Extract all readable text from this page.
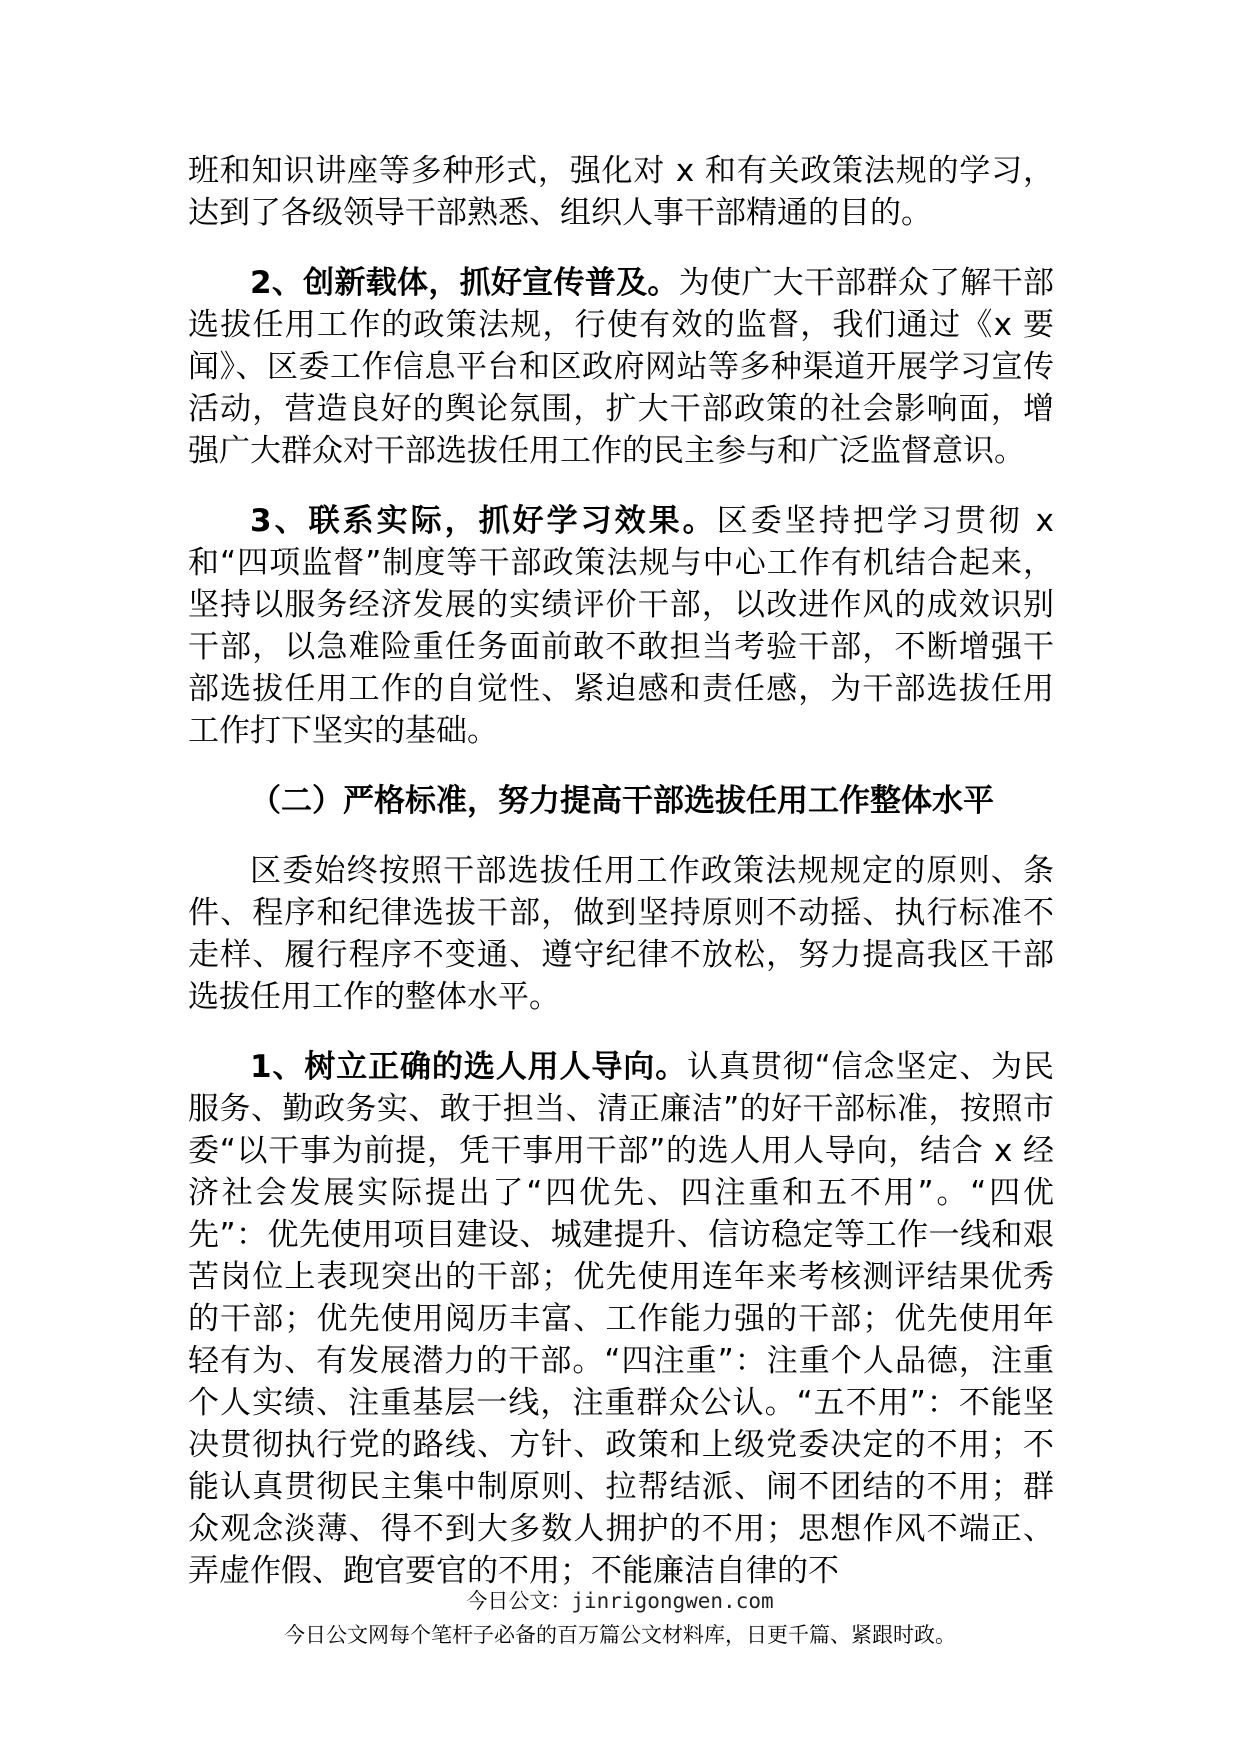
班和知识讲座等多种形式，强化对 x 和有关政策法规的学习，达到了各级领导干部熟悉、组织人事干部精通的目的。

2、创新载体，抓好宣传普及。为使广大干部群众了解干部选拔任用工作的政策法规，行使有效的监督，我们通过《x 要闻》、区委工作信息平台和区政府网站等多种渠道开展学习宣传活动，营造良好的舆论氛围，扩大干部政策的社会影响面，增强广大群众对干部选拔任用工作的民主参与和广泛监督意识。

3、联系实际，抓好学习效果。区委坚持把学习贯彻 x 和“四项监督”制度等干部政策法规与中心工作有机结合起来，坚持以服务经济发展的实绩评价干部，以改进作风的成效识别干部，以急难险重任务面前敢不敢担当考验干部，不断增强干部选拔任用工作的自觉性、紧迫感和责任感，为干部选拔任用工作打下坚实的基础。

（二）严格标准，努力提高干部选拔任用工作整体水平

区委始终按照干部选拔任用工作政策法规规定的原则、条件、程序和纪律选拔干部，做到坚持原则不动摇、执行标准不走样、履行程序不变通、遵守纪律不放松，努力提高我区干部选拔任用工作的整体水平。

1、树立正确的选人用人导向。认真贯彻“信念坚定、为民服务、勤政务实、敢于担当、清正廉洁”的好干部标准，按照市委“以干事为前提，凭干事用干部”的选人用人导向，结合 x 经济社会发展实际提出了“四优先、四注重和五不用”。“四优先”：优先使用项目建设、城建提升、信访稳定等工作一线和艰苦岗位上表现突出的干部；优先使用连年来考核测评结果优秀的干部；优先使用阅历丰富、工作能力强的干部；优先使用年轻有为、有发展潜力的干部。“四注重”：注重个人品德，注重个人实绩、注重基层一线，注重群众公认。“五不用”：不能坚决贯彻执行党的路线、方针、政策和上级党委决定的不用；不能认真贯彻民主集中制原则、拉帮结派、闹不团结的不用；群众观念淡薄、得不到大多数人拥护的不用；思想作风不端正、弄虚作假、跑官要官的不用；不能廉洁自律的不

今日公文：jinrigongwen.com
今日公文网每个笔杆子必备的百万篇公文材料库，日更千篇、紧跟时政。
